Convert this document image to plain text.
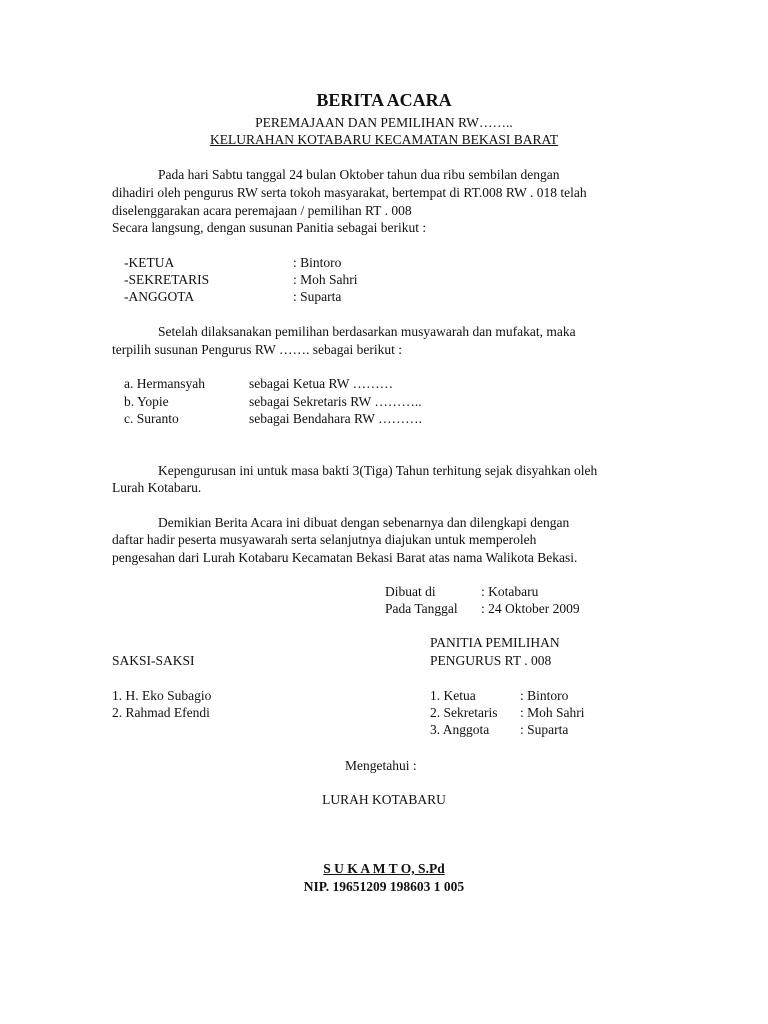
BERITA ACARA
PEREMAJAAN DAN PEMILIHAN RW……..
KELURAHAN KOTABARU KECAMATAN BEKASI BARAT
Pada hari Sabtu tanggal 24 bulan Oktober tahun dua ribu sembilan dengan
dihadiri oleh pengurus RW serta tokoh masyarakat, bertempat di RT.008 RW . 018 telah
diselenggarakan acara peremajaan / pemilihan RT . 008
Secara langsung, dengan susunan Panitia sebagai berikut :
-KETUA	: Bintoro
-SEKRETARIS	: Moh Sahri
-ANGGOTA	: Suparta
Setelah dilaksanakan pemilihan berdasarkan musyawarah dan mufakat, maka
terpilih susunan Pengurus RW ……. sebagai berikut :
a. Hermansyah	sebagai Ketua RW ………
b. Yopie	sebagai Sekretaris RW ………..
c. Suranto	sebagai Bendahara RW ……….
Kepengurusan ini untuk masa bakti 3(Tiga) Tahun terhitung sejak disyahkan oleh
Lurah Kotabaru.
Demikian Berita Acara ini dibuat dengan sebenarnya dan dilengkapi dengan
daftar hadir peserta musyawarah serta selanjutnya diajukan untuk memperoleh
pengesahan dari Lurah Kotabaru Kecamatan Bekasi Barat atas nama Walikota Bekasi.
Dibuat di	: Kotabaru
Pada Tanggal : 24 Oktober 2009
PANITIA PEMILIHAN
PENGURUS RT . 008
SAKSI-SAKSI
1. H. Eko Subagio
2. Rahmad Efendi
1. Ketua	: Bintoro
2. Sekretaris : Moh Sahri
3. Anggota : Suparta
Mengetahui :
LURAH KOTABARU
S U K A M T O, S.Pd
NIP. 19651209 198603 1 005
